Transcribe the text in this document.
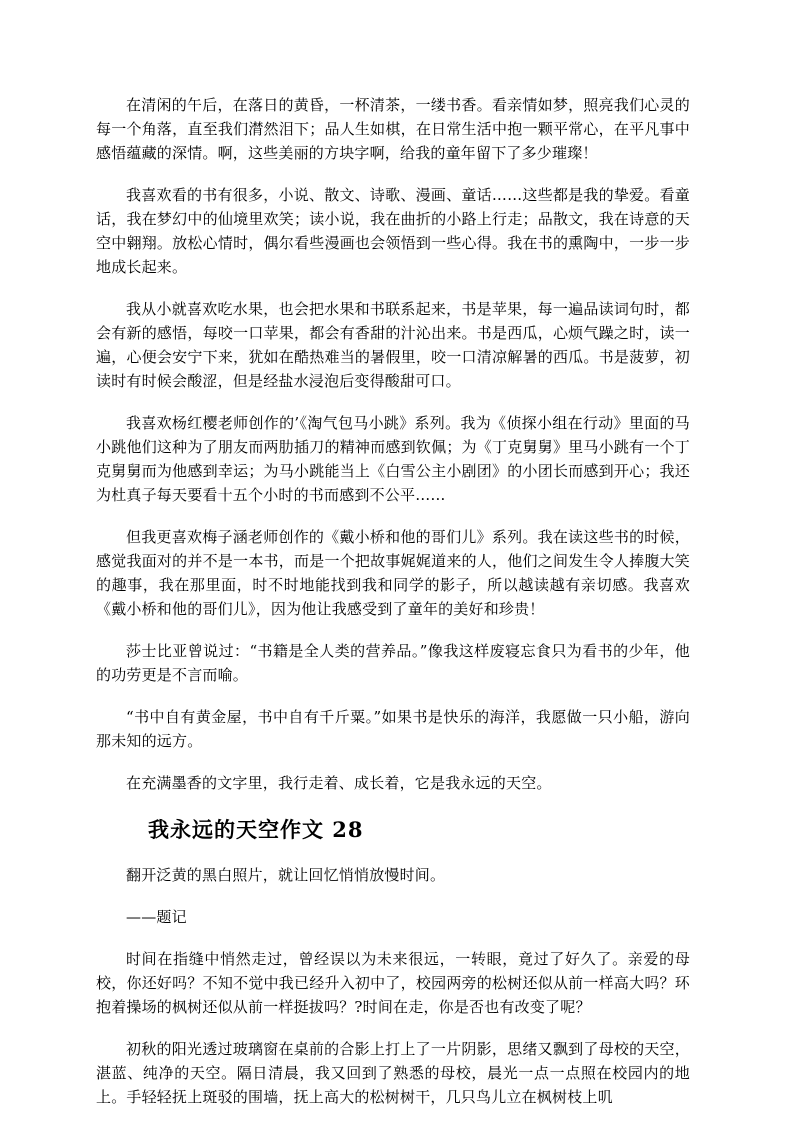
在清闲的午后，在落日的黄昏，一杯清茶，一缕书香。看亲情如梦，照亮我们心灵的每一个角落，直至我们潸然泪下；品人生如棋，在日常生活中抱一颗平常心，在平凡事中感悟蕴藏的深情。啊，这些美丽的方块字啊，给我的童年留下了多少璀璨！

我喜欢看的书有很多，小说、散文、诗歌、漫画、童话……这些都是我的挚爱。看童话，我在梦幻中的仙境里欢笑；读小说，我在曲折的小路上行走；品散文，我在诗意的天空中翱翔。放松心情时，偶尔看些漫画也会领悟到一些心得。我在书的熏陶中，一步一步地成长起来。

我从小就喜欢吃水果，也会把水果和书联系起来，书是苹果，每一遍品读词句时，都会有新的感悟，每咬一口苹果，都会有香甜的汁沁出来。书是西瓜，心烦气躁之时，读一遍，心便会安宁下来，犹如在酷热难当的暑假里，咬一口清凉解暑的西瓜。书是菠萝，初读时有时候会酸涩，但是经盐水浸泡后变得酸甜可口。

我喜欢杨红樱老师创作的’《淘气包马小跳》系列。我为《侦探小组在行动》里面的马小跳他们这种为了朋友而两肋插刀的精神而感到钦佩；为《丁克舅舅》里马小跳有一个丁克舅舅而为他感到幸运；为马小跳能当上《白雪公主小剧团》的小团长而感到开心；我还为杜真子每天要看十五个小时的书而感到不公平……

但我更喜欢梅子涵老师创作的《戴小桥和他的哥们儿》系列。我在读这些书的时候，感觉我面对的并不是一本书，而是一个把故事娓娓道来的人，他们之间发生令人捧腹大笑的趣事，我在那里面，时不时地能找到我和同学的影子，所以越读越有亲切感。我喜欢《戴小桥和他的哥们儿》，因为他让我感受到了童年的美好和珍贵！

莎士比亚曾说过：“书籍是全人类的营养品。”像我这样废寝忘食只为看书的少年，他的功劳更是不言而喻。

“书中自有黄金屋，书中自有千斤粟。”如果书是快乐的海洋，我愿做一只小船，游向那未知的远方。

在充满墨香的文字里，我行走着、成长着，它是我永远的天空。

我永远的天空作文 28

翻开泛黄的黑白照片，就让回忆悄悄放慢时间。

——题记

时间在指缝中悄然走过，曾经误以为未来很远，一转眼，竟过了好久了。亲爱的母校，你还好吗？不知不觉中我已经升入初中了，校园两旁的松树还似从前一样高大吗？环抱着操场的枫树还似从前一样挺拔吗？?时间在走，你是否也有改变了呢？

初秋的阳光透过玻璃窗在桌前的合影上打上了一片阴影，思绪又飘到了母校的天空，湛蓝、纯净的天空。隔日清晨，我又回到了熟悉的母校，晨光一点一点照在校园内的地上。手轻轻抚上斑驳的围墙，抚上高大的松树树干，几只鸟儿立在枫树枝上叽
